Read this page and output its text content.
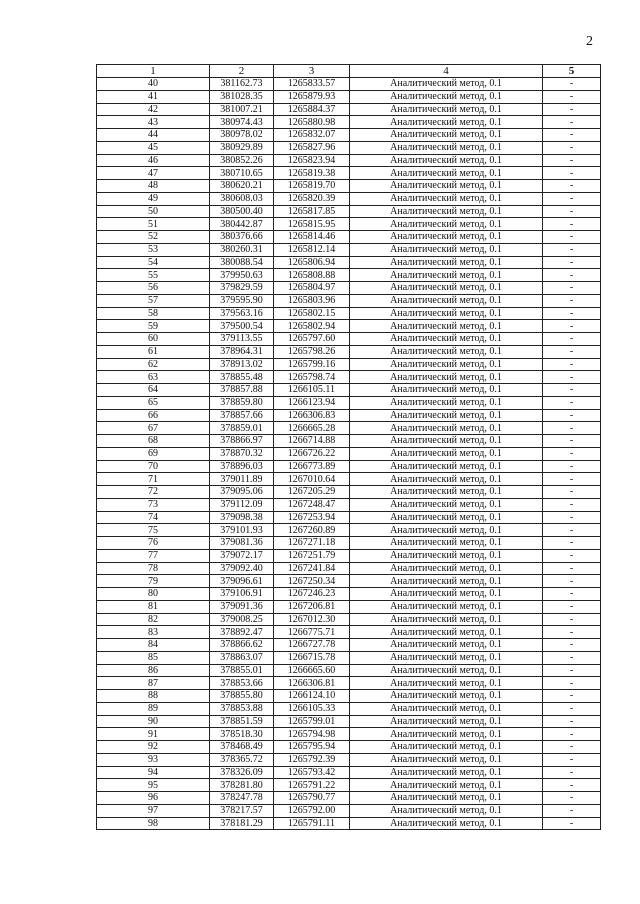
2
1	2	3	4	5
40	381162.73	1265833.57	Аналитический метод, 0.1	-
41	381028.35	1265879.93	Аналитический метод, 0.1	-
42	381007.21	1265884.37	Аналитический метод, 0.1	-
43	380974.43	1265880.98	Аналитический метод, 0.1	-
44	380978.02	1265832.07	Аналитический метод, 0.1	-
45	380929.89	1265827.96	Аналитический метод, 0.1	-
46	380852.26	1265823.94	Аналитический метод, 0.1	-
47	380710.65	1265819.38	Аналитический метод, 0.1	-
48	380620.21	1265819.70	Аналитический метод, 0.1	-
49	380608.03	1265820.39	Аналитический метод, 0.1	-
50	380500.40	1265817.85	Аналитический метод, 0.1	-
51	380442.87	1265815.95	Аналитический метод, 0.1	-
52	380376.66	1265814.46	Аналитический метод, 0.1	-
53	380260.31	1265812.14	Аналитический метод, 0.1	-
54	380088.54	1265806.94	Аналитический метод, 0.1	-
55	379950.63	1265808.88	Аналитический метод, 0.1	-
56	379829.59	1265804.97	Аналитический метод, 0.1	-
57	379595.90	1265803.96	Аналитический метод, 0.1	-
58	379563.16	1265802.15	Аналитический метод, 0.1	-
59	379500.54	1265802.94	Аналитический метод, 0.1	-
60	379113.55	1265797.60	Аналитический метод, 0.1	-
61	378964.31	1265798.26	Аналитический метод, 0.1	-
62	378913.02	1265799.16	Аналитический метод, 0.1	-
63	378855.48	1265798.74	Аналитический метод, 0.1	-
64	378857.88	1266105.11	Аналитический метод, 0.1	-
65	378859.80	1266123.94	Аналитический метод, 0.1	-
66	378857.66	1266306.83	Аналитический метод, 0.1	-
67	378859.01	1266665.28	Аналитический метод, 0.1	-
68	378866.97	1266714.88	Аналитический метод, 0.1	-
69	378870.32	1266726.22	Аналитический метод, 0.1	-
70	378896.03	1266773.89	Аналитический метод, 0.1	-
71	379011.89	1267010.64	Аналитический метод, 0.1	-
72	379095.06	1267205.29	Аналитический метод, 0.1	-
73	379112.09	1267248.47	Аналитический метод, 0.1	-
74	379098.38	1267253.94	Аналитический метод, 0.1	-
75	379101.93	1267260.89	Аналитический метод, 0.1	-
76	379081.36	1267271.18	Аналитический метод, 0.1	-
77	379072.17	1267251.79	Аналитический метод, 0.1	-
78	379092.40	1267241.84	Аналитический метод, 0.1	-
79	379096.61	1267250.34	Аналитический метод, 0.1	-
80	379106.91	1267246.23	Аналитический метод, 0.1	-
81	379091.36	1267206.81	Аналитический метод, 0.1	-
82	379008.25	1267012.30	Аналитический метод, 0.1	-
83	378892.47	1266775.71	Аналитический метод, 0.1	-
84	378866.62	1266727.78	Аналитический метод, 0.1	-
85	378863.07	1266715.78	Аналитический метод, 0.1	-
86	378855.01	1266665.60	Аналитический метод, 0.1	-
87	378853.66	1266306.81	Аналитический метод, 0.1	-
88	378855.80	1266124.10	Аналитический метод, 0.1	-
89	378853.88	1266105.33	Аналитический метод, 0.1	-
90	378851.59	1265799.01	Аналитический метод, 0.1	-
91	378518.30	1265794.98	Аналитический метод, 0.1	-
92	378468.49	1265795.94	Аналитический метод, 0.1	-
93	378365.72	1265792.39	Аналитический метод, 0.1	-
94	378326.09	1265793.42	Аналитический метод, 0.1	-
95	378281.80	1265791.22	Аналитический метод, 0.1	-
96	378247.78	1265790.77	Аналитический метод, 0.1	-
97	378217.57	1265792.00	Аналитический метод, 0.1	-
98	378181.29	1265791.11	Аналитический метод, 0.1	-
